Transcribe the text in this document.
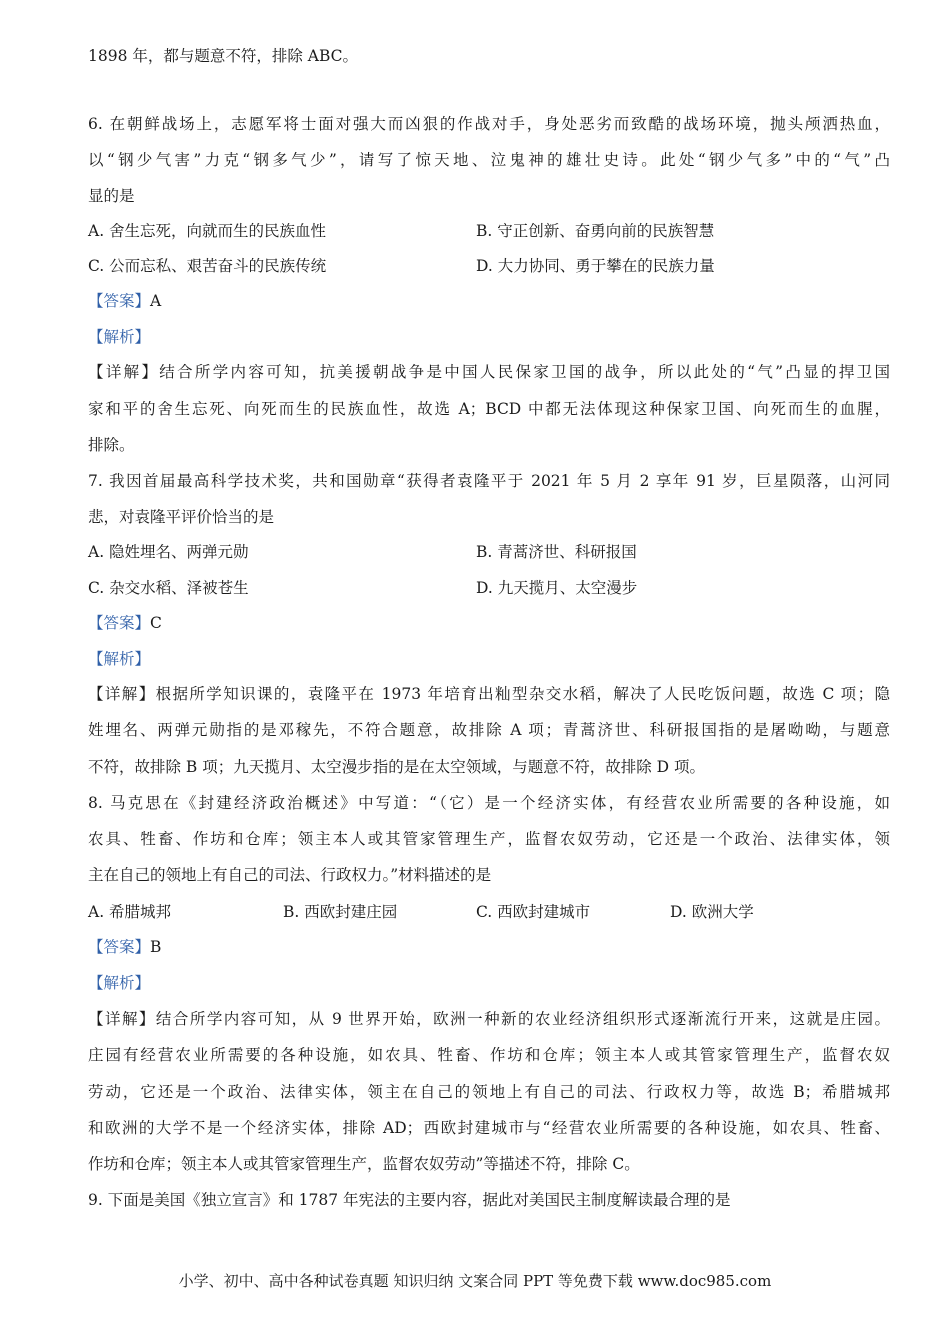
1898 年，都与题意不符，排除 ABC。
6. 在朝鲜战场上，志愿军将士面对强大而凶狠的作战对手，身处恶劣而致酷的战场环境，抛头颅洒热血，
以“钢少气害”力克“钢多气少”，请写了惊天地、泣鬼神的雄壮史诗。此处“钢少气多”中的“气”凸
显的是
A. 舍生忘死，向就而生的民族血性	B. 守正创新、奋勇向前的民族智慧
C. 公而忘私、艰苦奋斗的民族传统	D. 大力协同、勇于攀在的民族力量
【答案】A
【解析】
【详解】结合所学内容可知，抗美援朝战争是中国人民保家卫国的战争，所以此处的“气”凸显的捍卫国
家和平的舍生忘死、向死而生的民族血性，故选 A；BCD 中都无法体现这种保家卫国、向死而生的血腥，
排除。
7. 我因首届最高科学技术奖，共和国勋章“获得者袁隆平于 2021 年 5 月 2 享年 91 岁，巨星陨落，山河同
悲，对袁隆平评价恰当的是
A. 隐姓埋名、两弹元勋	B. 青蒿济世、科研报国
C. 杂交水稻、泽被苍生	D. 九天揽月、太空漫步
【答案】C
【解析】
【详解】根据所学知识课的，袁隆平在 1973 年培育出籼型杂交水稻，解决了人民吃饭问题，故选 C 项；隐
姓埋名、两弹元勋指的是邓稼先，不符合题意，故排除 A 项；青蒿济世、科研报国指的是屠呦呦，与题意
不符，故排除 B 项；九天揽月、太空漫步指的是在太空领域，与题意不符，故排除 D 项。
8. 马克思在《封建经济政治概述》中写道：“（它）是一个经济实体，有经营农业所需要的各种设施，如
农具、牲畜、作坊和仓库；领主本人或其管家管理生产，监督农奴劳动，它还是一个政治、法律实体，领
主在自己的领地上有自己的司法、行政权力。”材料描述的是
A. 希腊城邦	B. 西欧封建庄园	C. 西欧封建城市	D. 欧洲大学
【答案】B
【解析】
【详解】结合所学内容可知，从 9 世界开始，欧洲一种新的农业经济组织形式逐渐流行开来，这就是庄园。
庄园有经营农业所需要的各种设施，如农具、牲畜、作坊和仓库；领主本人或其管家管理生产，监督农奴
劳动，它还是一个政治、法律实体，领主在自己的领地上有自己的司法、行政权力等，故选 B；希腊城邦
和欧洲的大学不是一个经济实体，排除 AD；西欧封建城市与“经营农业所需要的各种设施，如农具、牲畜、
作坊和仓库；领主本人或其管家管理生产，监督农奴劳动”等描述不符，排除 C。
9. 下面是美国《独立宣言》和 1787 年宪法的主要内容，据此对美国民主制度解读最合理的是
小学、初中、高中各种试卷真题 知识归纳 文案合同 PPT 等免费下载 www.doc985.com
